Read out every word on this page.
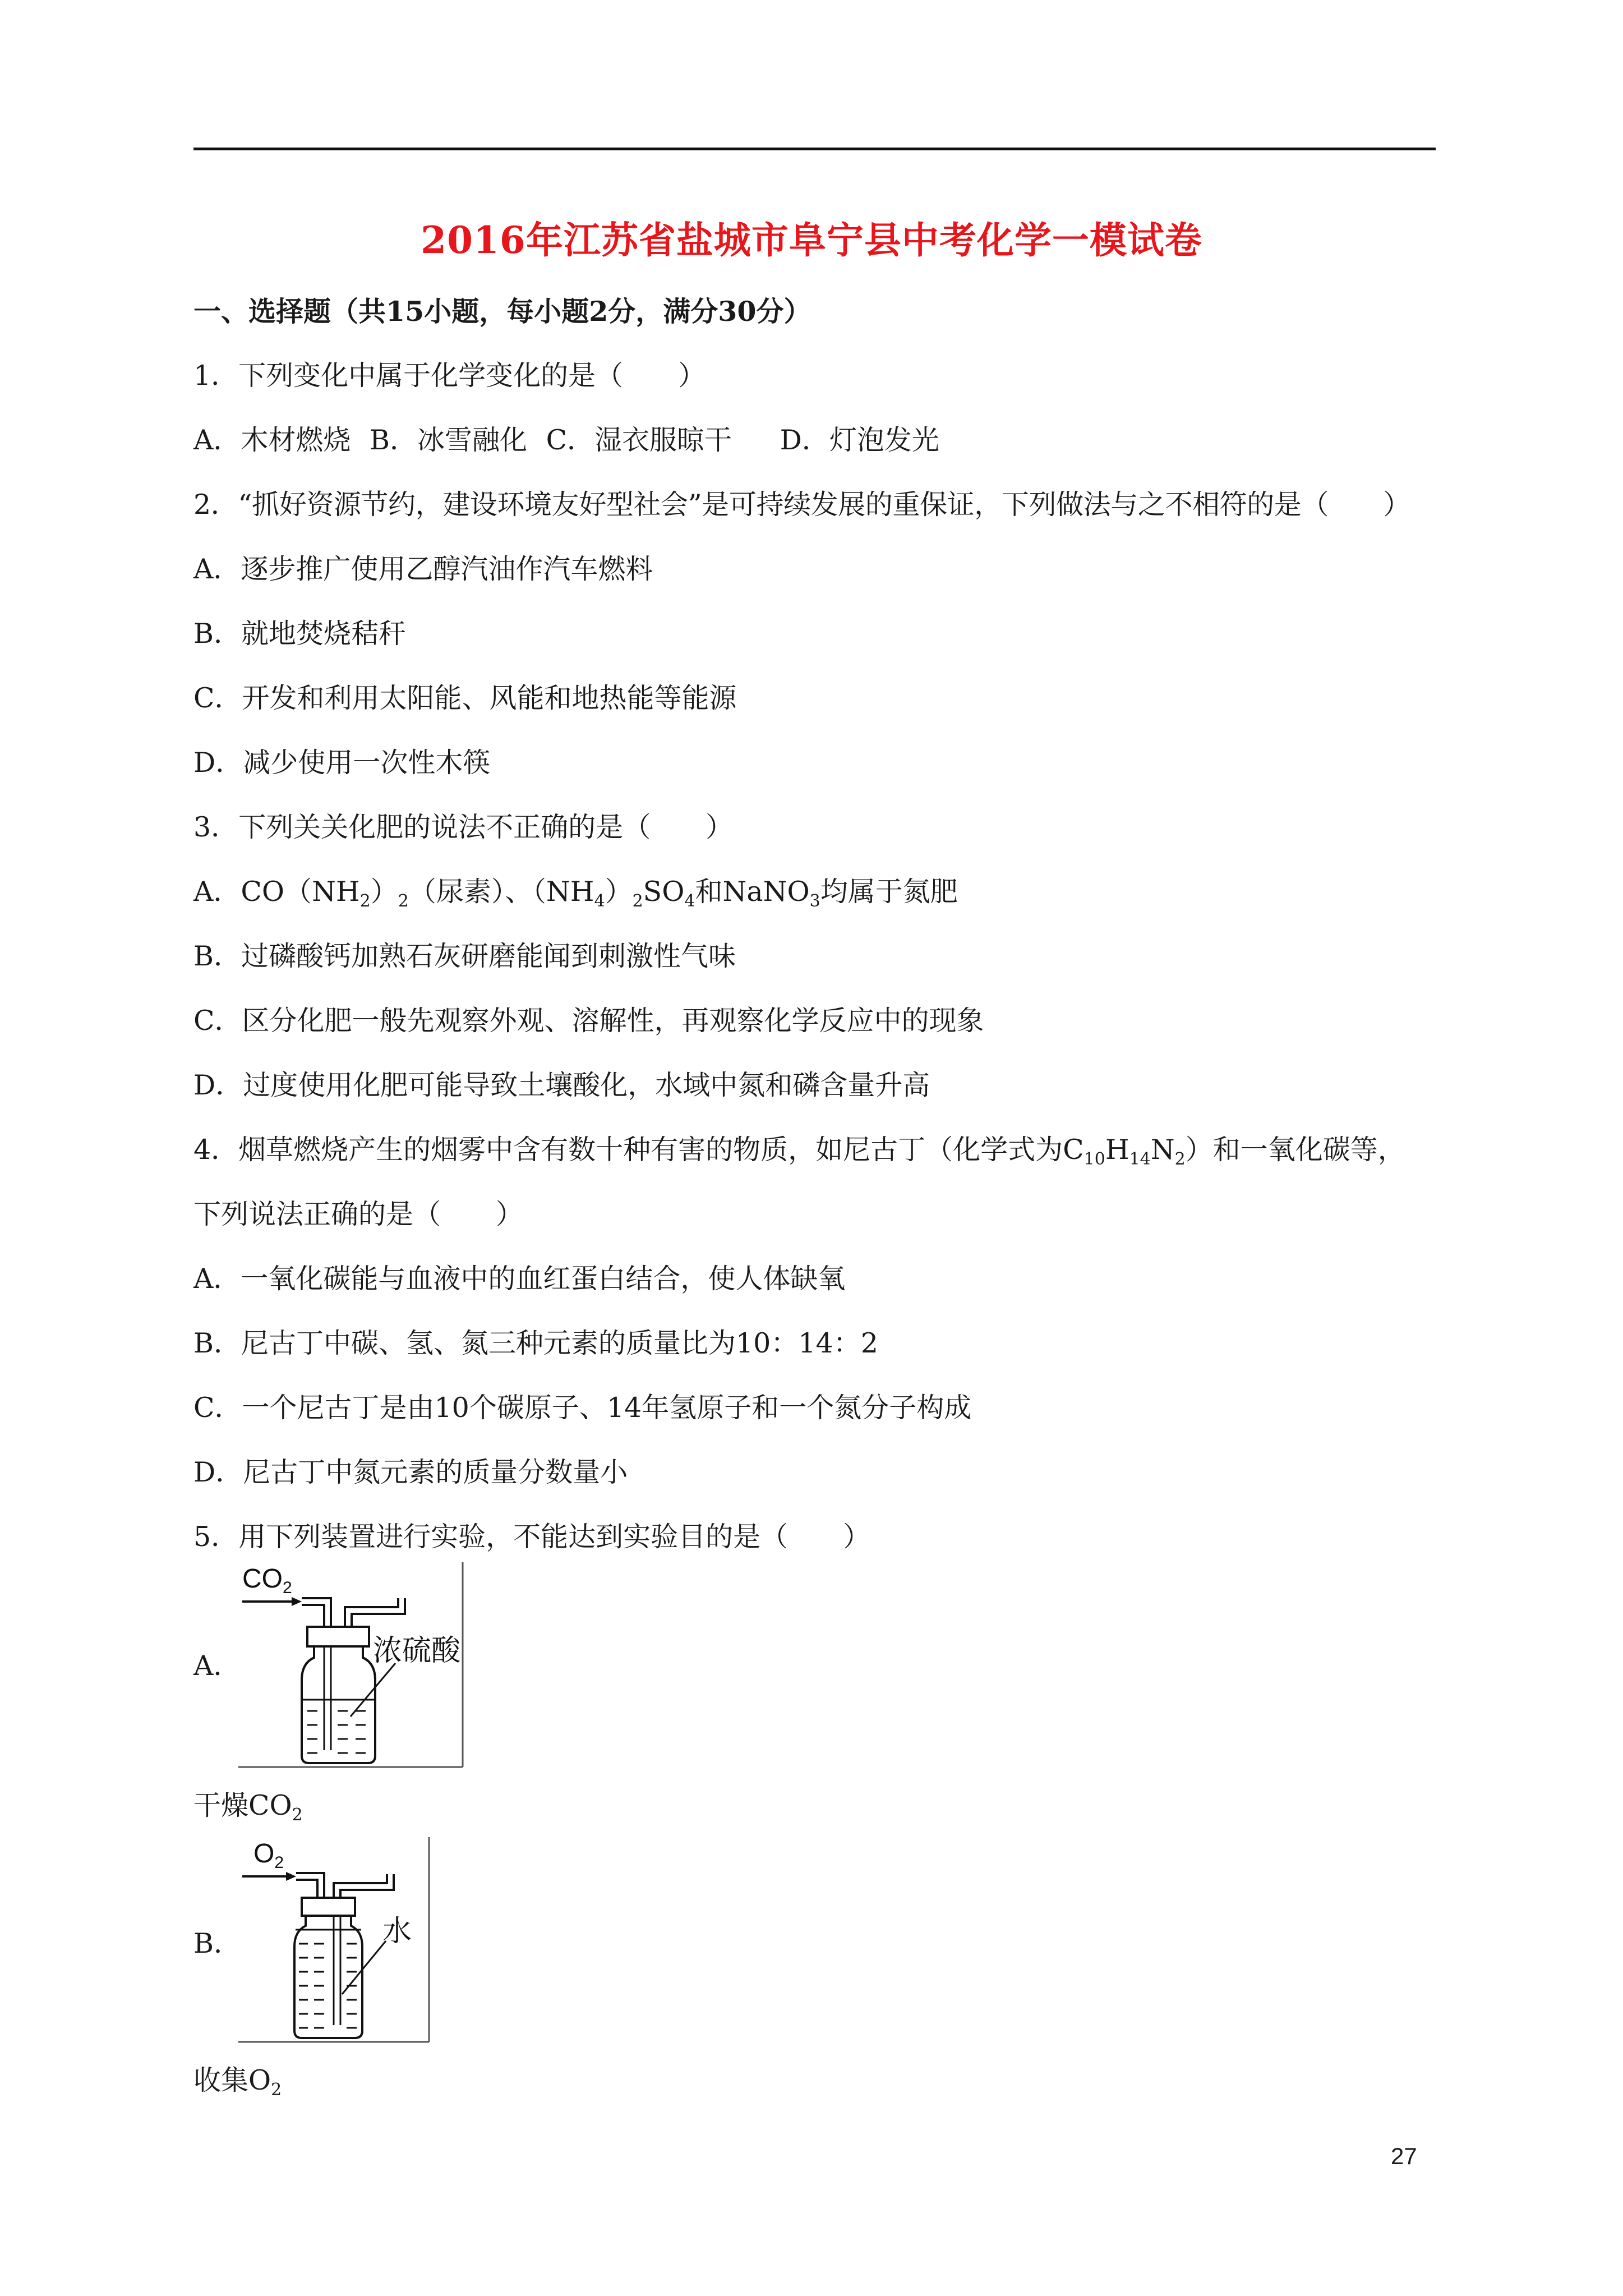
2016年江苏省盐城市阜宁县中考化学一模试卷
一、选择题（共15小题，每小题2分，满分30分）
1．下列变化中属于化学变化的是（　　）
A．木材燃烧 B．冰雪融化 C．湿衣服晾干 D．灯泡发光
2．“抓好资源节约，建设环境友好型社会”是可持续发展的重保证，下列做法与之不相符的是（　　）
A．逐步推广使用乙醇汽油作汽车燃料
B．就地焚烧秸秆
C．开发和利用太阳能、风能和地热能等能源
D．减少使用一次性木筷
3．下列关关化肥的说法不正确的是（　　）
A．$CO(NH_2)_2$（尿素）、$(NH_4)_2SO_4$和NaNO$_3$均属于氮肥
B．过磷酸钙加熟石灰研磨能闻到刺激性气味
C．区分化肥一般先观察外观、溶解性，再观察化学反应中的现象
D．过度使用化肥可能导致土壤酸化，水域中氮和磷含量升高
4．烟草燃烧产生的烟雾中含有数十种有害的物质，如尼古丁（化学式为$C_{10}H_{14}N_2$）和一氧化碳等，
下列说法正确的是（　　）
A．一氧化碳能与血液中的血红蛋白结合，使人体缺氧
B．尼古丁中碳、氢、氮三种元素的质量比为10：14：2
C．一个尼古丁是由10个碳原子、14年氢原子和一个氮分子构成
D．尼古丁中氮元素的质量分数量小
5．用下列装置进行实验，不能达到实验目的是（　　）
A．
$CO_2$
浓硫酸
干燥$CO_2$
B．
$O_2$
水
收集$O_2$
27
